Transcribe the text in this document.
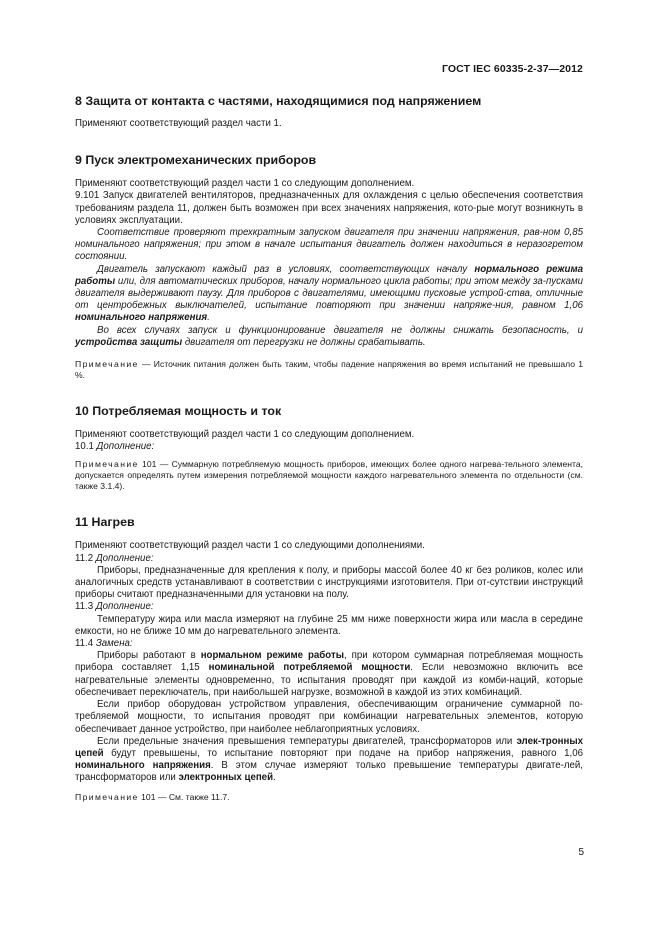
ГОСТ IEC 60335-2-37—2012
8 Защита от контакта с частями, находящимися под напряжением

Применяют соответствующий раздел части 1.

9 Пуск электромеханических приборов

Применяют соответствующий раздел части 1 со следующим дополнением.

9.101 Запуск двигателей вентиляторов, предназначенных для охлаждения с целью обеспечения соответствия требованиям раздела 11, должен быть возможен при всех значениях напряжения, кото-рые могут возникнуть в условиях эксплуатации.

Соответствие проверяют трехкратным запуском двигателя при значении напряжения, рав-ном 0,85 номинального напряжения; при этом в начале испытания двигатель должен находиться в неразогретом состоянии.

Двигатель запускают каждый раз в условиях, соответствующих началу нормального режима работы или, для автоматических приборов, началу нормального цикла работы; при этом между за-пусками двигателя выдерживают паузу. Для приборов с двигателями, имеющими пусковые устрой-ства, отличные от центробежных выключателей, испытание повторяют при значении напряже-ния, равном 1,06 номинального напряжения.

Во всех случаях запуск и функционирование двигателя не должны снижать безопасность, и устройства защиты двигателя от перегрузки не должны срабатывать.

Примечание — Источник питания должен быть таким, чтобы падение напряжения во время испытаний не превышало 1 %.

10 Потребляемая мощность и ток

Применяют соответствующий раздел части 1 со следующим дополнением.

10.1 Дополнение:

Примечание 101 — Суммарную потребляемую мощность приборов, имеющих более одного нагрева-тельного элемента, допускается определять путем измерения потребляемой мощности каждого нагревательного элемента по отдельности (см. также 3.1.4).

11 Нагрев

Применяют соответствующий раздел части 1 со следующими дополнениями.

11.2 Дополнение:

Приборы, предназначенные для крепления к полу, и приборы массой более 40 кг без роликов, колес или аналогичных средств устанавливают в соответствии с инструкциями изготовителя. При от-сутствии инструкций приборы считают предназначенными для установки на полу.

11.3 Дополнение:

Температуру жира или масла измеряют на глубине 25 мм ниже поверхности жира или масла в середине емкости, но не ближе 10 мм до нагревательного элемента.

11.4 Замена:

Приборы работают в нормальном режиме работы, при котором суммарная потребляемая мощность прибора составляет 1,15 номинальной потребляемой мощности. Если невозможно включить все нагревательные элементы одновременно, то испытания проводят при каждой из комби-наций, которые обеспечивает переключатель, при наибольшей нагрузке, возможной в каждой из этих комбинаций.

Если прибор оборудован устройством управления, обеспечивающим ограничение суммарной по-требляемой мощности, то испытания проводят при комбинации нагревательных элементов, которую обеспечивает данное устройство, при наиболее неблагоприятных условиях.

Если предельные значения превышения температуры двигателей, трансформаторов или элек-тронных цепей будут превышены, то испытание повторяют при подаче на прибор напряжения, равного 1,06 номинального напряжения. В этом случае измеряют только превышение температуры двигате-лей, трансформаторов или электронных цепей.

Примечание 101 — См. также 11.7.

5
